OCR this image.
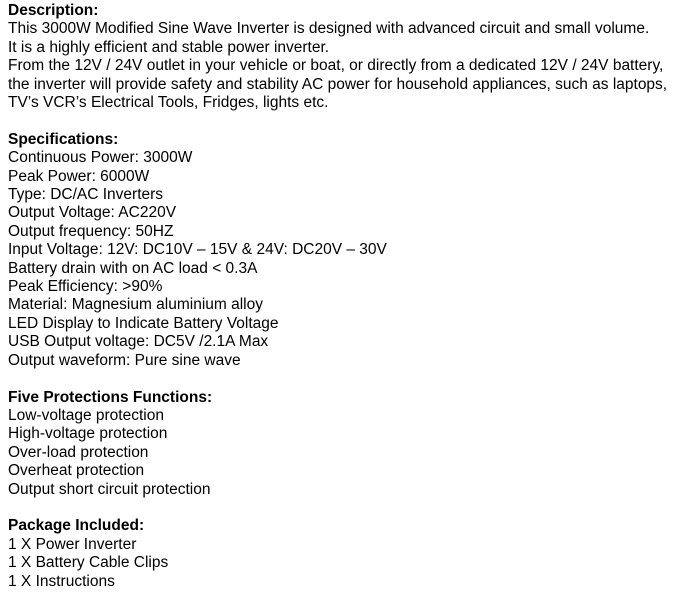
Description:

This 3000W Modified Sine Wave Inverter is designed with advanced circuit and small volume.

It is a highly efficient and stable power inverter.

From the 12V / 24V outlet in your vehicle or boat, or directly from a dedicated 12V / 24V battery,

the inverter will provide safety and stability AC power for household appliances, such as laptops,

TV’s VCR’s Electrical Tools, Fridges, lights etc.

Specifications:

Continuous Power: 3000W

Peak Power: 6000W

Type: DC/AC Inverters

Output Voltage: AC220V

Output frequency: 50HZ

Input Voltage: 12V: DC10V – 15V & 24V: DC20V – 30V

Battery drain with on AC load < 0.3A

Peak Efficiency: >90%

Material: Magnesium aluminium alloy

LED Display to Indicate Battery Voltage

USB Output voltage: DC5V /2.1A Max

Output waveform: Pure sine wave

Five Protections Functions:

Low-voltage protection

High-voltage protection

Over-load protection

Overheat protection

Output short circuit protection

Package Included:

1 X Power Inverter

1 X Battery Cable Clips

1 X Instructions
